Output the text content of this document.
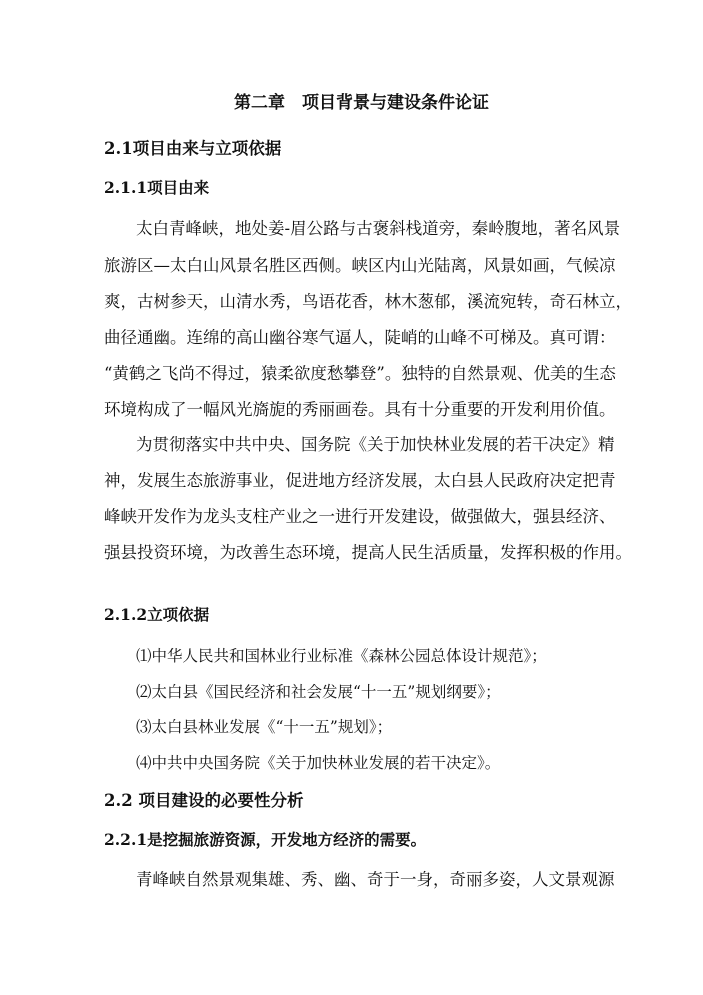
第二章　项目背景与建设条件论证
2.1项目由来与立项依据
2.1.1项目由来
太白青峰峡，地处姜-眉公路与古褒斜栈道旁，秦岭腹地，著名风景
旅游区—太白山风景名胜区西侧。峡区内山光陆离，风景如画，气候凉
爽，古树参天，山清水秀，鸟语花香，林木葱郁，溪流宛转，奇石林立，
曲径通幽。连绵的高山幽谷寒气逼人，陡峭的山峰不可梯及。真可谓：
“黄鹤之飞尚不得过，猿柔欲度愁攀登”。独特的自然景观、优美的生态
环境构成了一幅风光旖旎的秀丽画卷。具有十分重要的开发利用价值。
为贯彻落实中共中央、国务院《关于加快林业发展的若干决定》精
神，发展生态旅游事业，促进地方经济发展，太白县人民政府决定把青
峰峡开发作为龙头支柱产业之一进行开发建设，做强做大，强县经济、
强县投资环境，为改善生态环境，提高人民生活质量，发挥积极的作用。
2.1.2立项依据
⑴中华人民共和国林业行业标准《森林公园总体设计规范》；
⑵太白县《国民经济和社会发展“十一五”规划纲要》；
⑶太白县林业发展《“十一五”规划》；
⑷中共中央国务院《关于加快林业发展的若干决定》。
2.2 项目建设的必要性分析
2.2.1是挖掘旅游资源，开发地方经济的需要。
青峰峡自然景观集雄、秀、幽、奇于一身，奇丽多姿，人文景观源
